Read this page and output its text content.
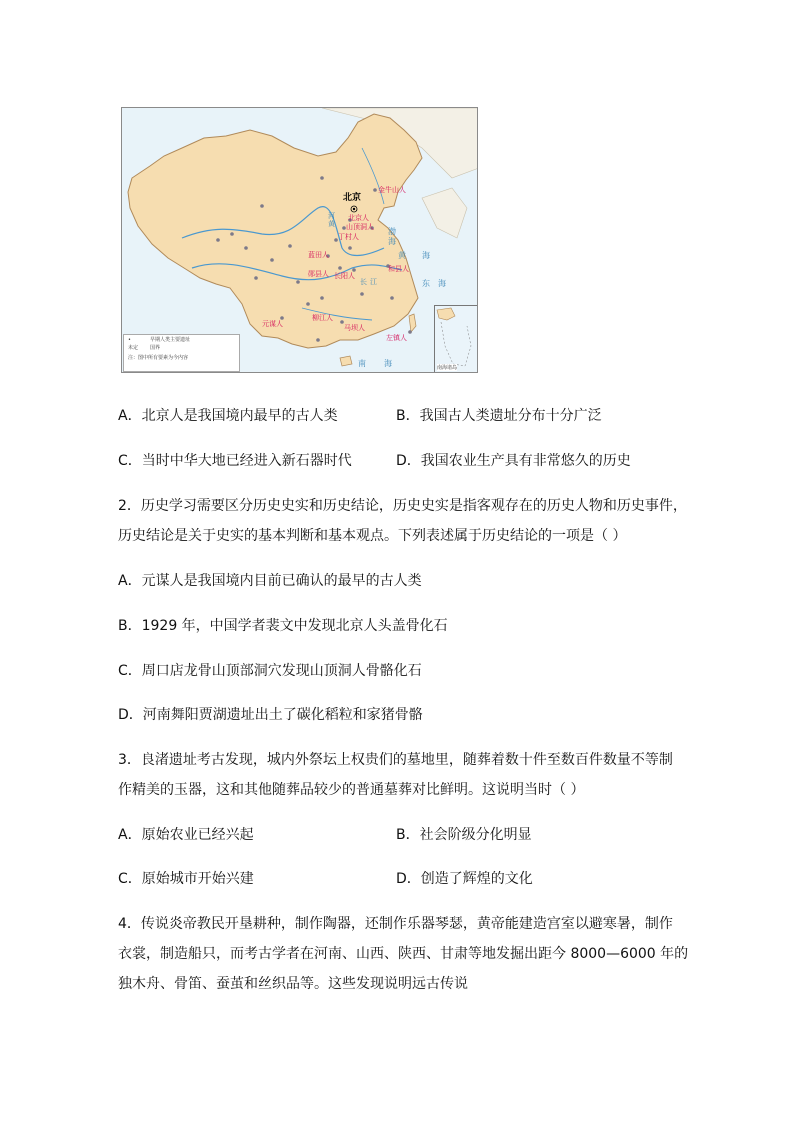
北京
金牛山人
北京人
山顶洞人
丁村人
蓝田人
郧县人
和县人
长阳人
元谋人	马坝人
柳江人
左镇人
渤
海
黄 海
东 海
南 海
河
黄
长 江
•	早期人类主要遗址
未定 国界
注：图中所有要素为今内容
南海诸岛
A．北京人是我国境内最早的古人类	B．我国古人类遗址分布十分广泛
C．当时中华大地已经进入新石器时代	D．我国农业生产具有非常悠久的历史
2．历史学习需要区分历史史实和历史结论，历史史实是指客观存在的历史人物和历史事件，
历史结论是关于史实的基本判断和基本观点。下列表述属于历史结论的一项是（ ）
A．元谋人是我国境内目前已确认的最早的古人类
B．1929 年，中国学者裴文中发现北京人头盖骨化石
C．周口店龙骨山顶部洞穴发现山顶洞人骨骼化石
D．河南舞阳贾湖遗址出土了碳化稻粒和家猪骨骼
3．良渚遗址考古发现，城内外祭坛上权贵们的墓地里，随葬着数十件至数百件数量不等制
作精美的玉器，这和其他随葬品较少的普通墓葬对比鲜明。这说明当时（ ）
A．原始农业已经兴起	B．社会阶级分化明显
C．原始城市开始兴建	D．创造了辉煌的文化
4．传说炎帝教民开垦耕种，制作陶器，还制作乐器琴瑟，黄帝能建造宫室以避寒暑，制作
衣裳，制造船只，而考古学者在河南、山西、陕西、甘肃等地发掘出距今 8000—6000 年的
独木舟、骨笛、蚕茧和丝织品等。这些发现说明远古传说
